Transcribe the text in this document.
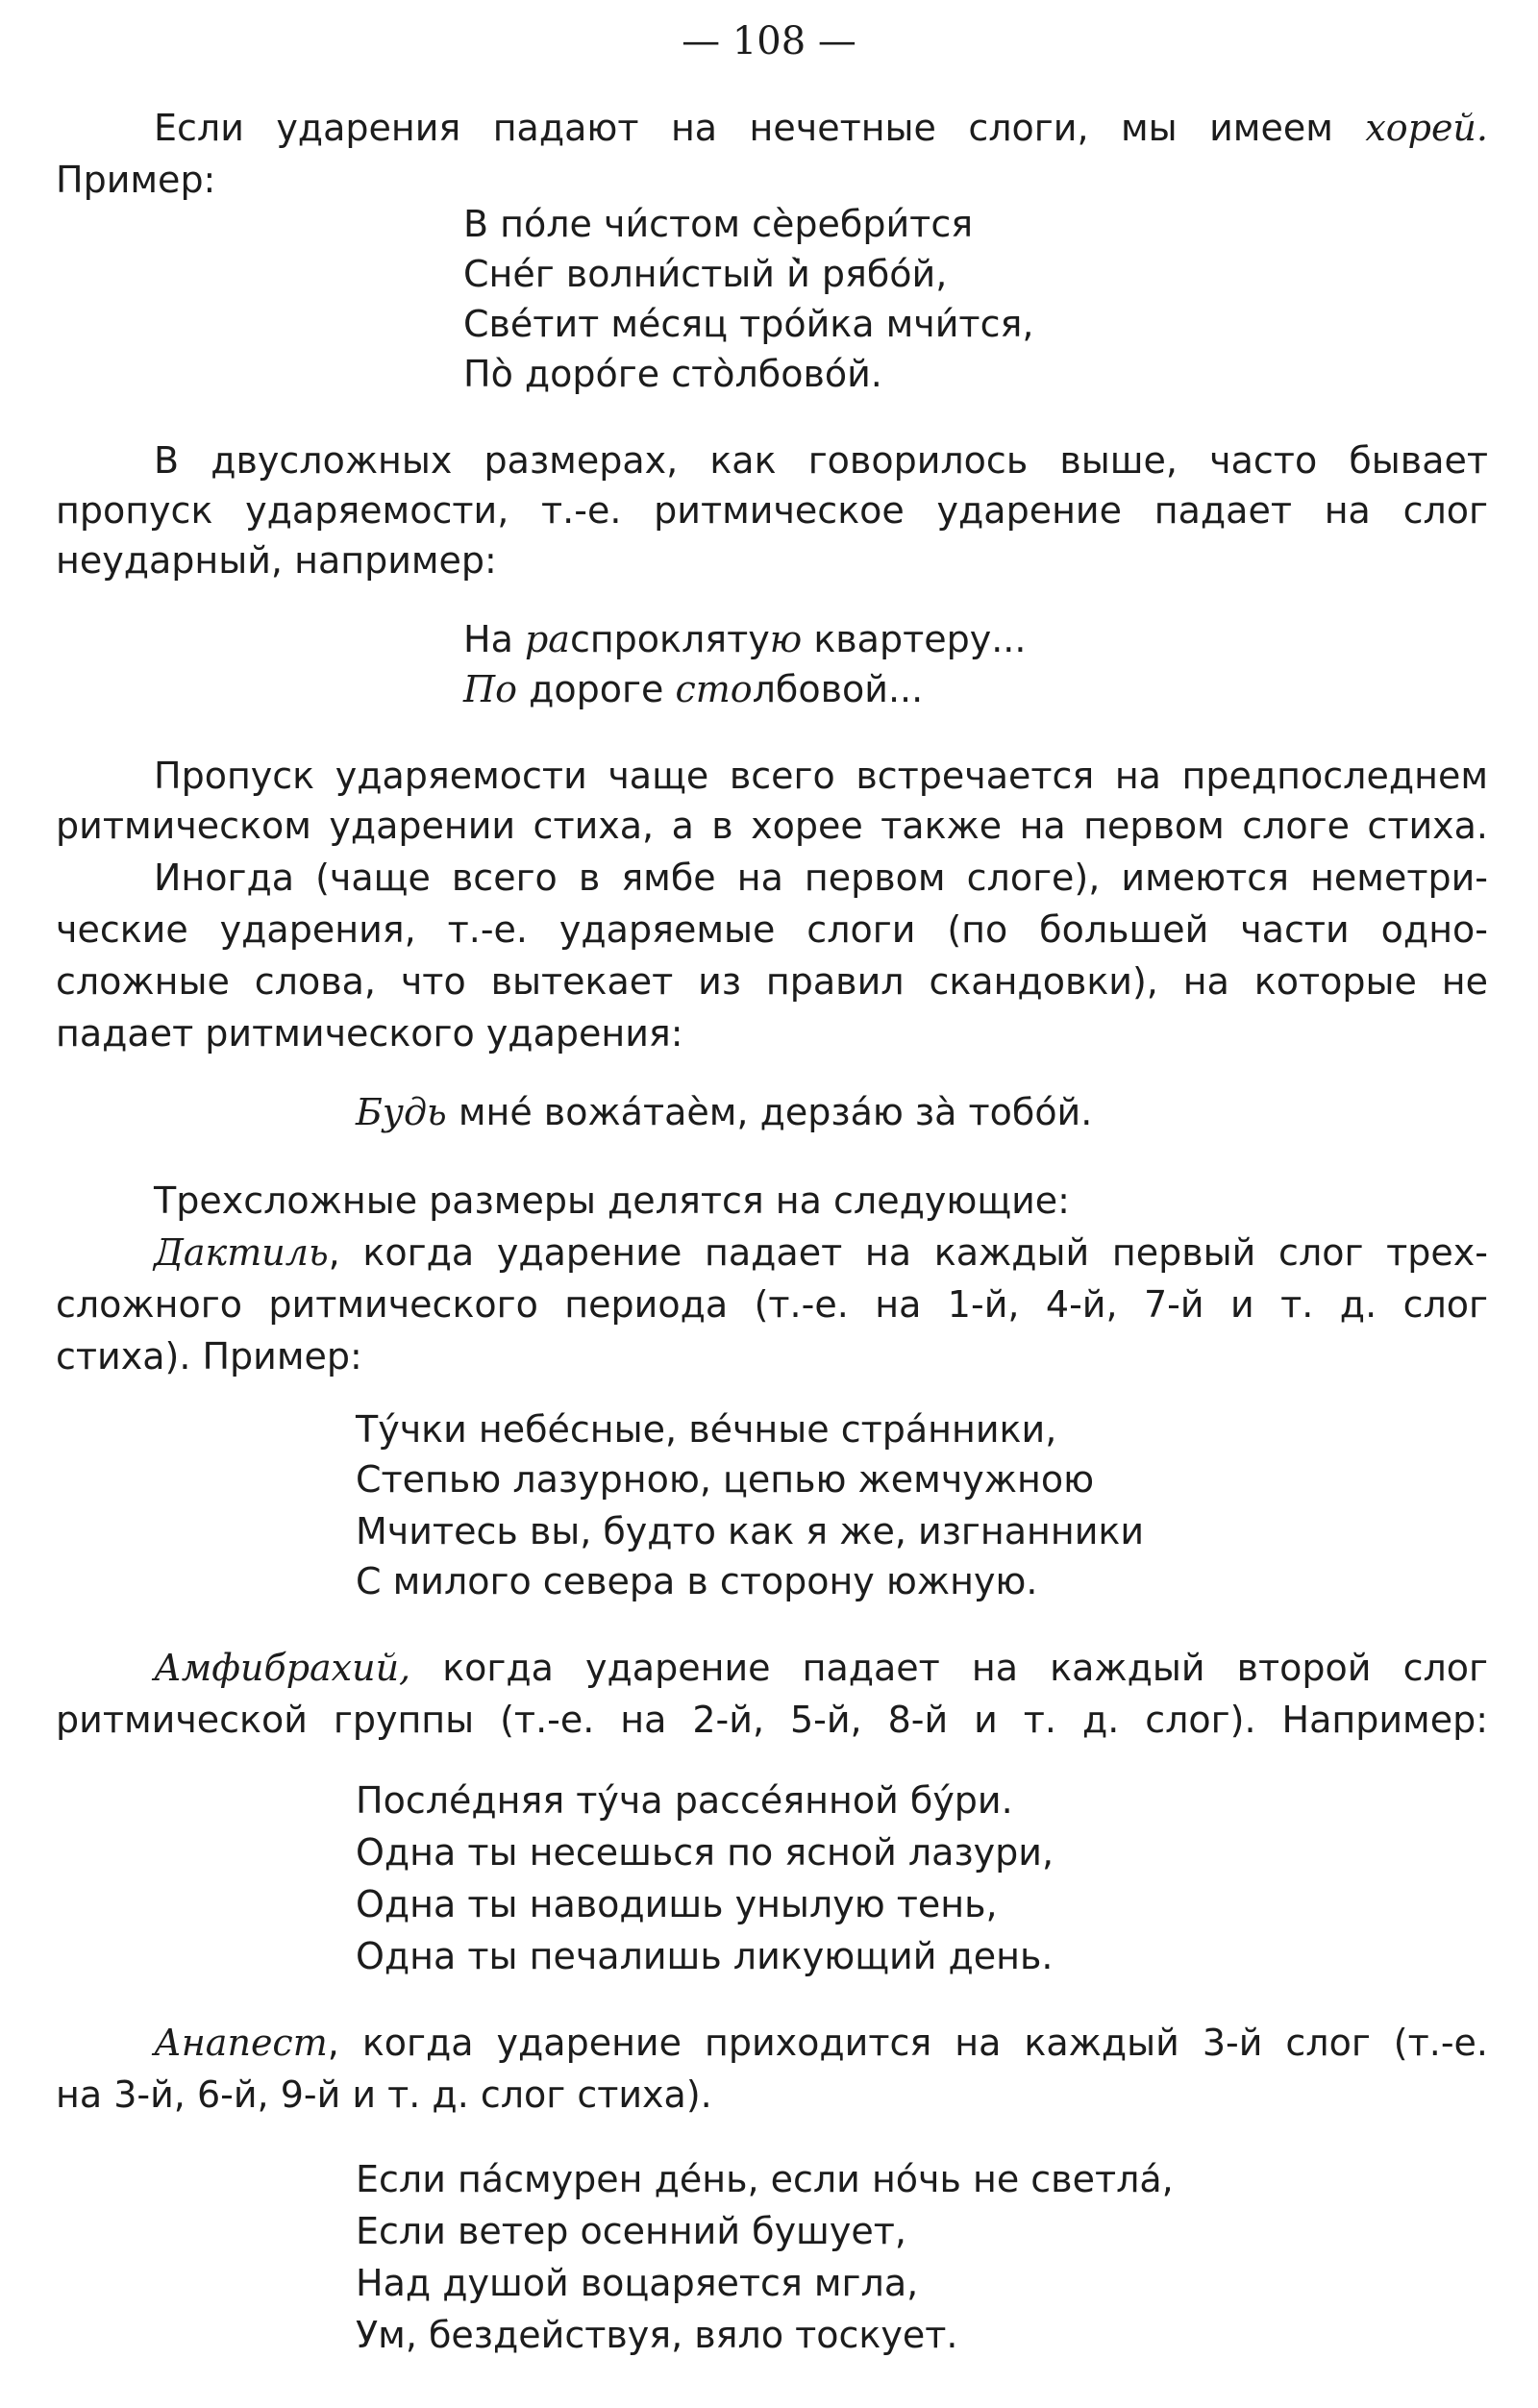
— 108 —
Если ударения падают на нечетные слоги, мы имеем хорей.
Пример:
В по́ле чи́стом сѐребри́тся
Сне́г волни́стый и̇̀ рябо́й,
Све́тит ме́сяц тро́йка мчи́тся,
По̀ доро́ге сто̀лбово́й.
В двусложных размерах, как говорилось выше, часто бывает
пропуск ударяемости, т.-е. ритмическое ударение падает на слог
неударный, например:
На распроклятую квартеру...
По дороге столбовой...
Пропуск ударяемости чаще всего встречается на предпоследнем
ритмическом ударении стиха, а в хорее также на первом слоге стиха.
Иногда (чаще всего в ямбе на первом слоге), имеются неметри-
ческие ударения, т.-е. ударяемые слоги (по большей части одно-
сложные слова, что вытекает из правил скандовки), на которые не
падает ритмического ударения:
Будь мне́ вожа́таѐм, дерза́ю за̀ тобо́й.
Трехсложные размеры делятся на следующие:
Дактиль, когда ударение падает на каждый первый слог трех-
сложного ритмического периода (т.-е. на 1-й, 4-й, 7-й и т. д. слог
стиха). Пример:
Ту́чки небе́сные, ве́чные стра́нники,
Степью лазурною, цепью жемчужною
Мчитесь вы, будто как я же, изгнанники
С милого севера в сторону южную.
Амфибрахий, когда ударение падает на каждый второй слог
ритмической группы (т.-е. на 2-й, 5-й, 8-й и т. д. слог). Например:
После́дняя ту́ча рассе́янной бу́ри.
Одна ты несешься по ясной лазури,
Одна ты наводишь унылую тень,
Одна ты печалишь ликующий день.
Анапест, когда ударение приходится на каждый 3-й слог (т.-е.
на 3-й, 6-й, 9-й и т. д. слог стиха).
Если па́смурен де́нь, если но́чь не светла́,
Если ветер осенний бушует,
Над душой воцаряется мгла,
Ум, бездействуя, вяло тоскует.
